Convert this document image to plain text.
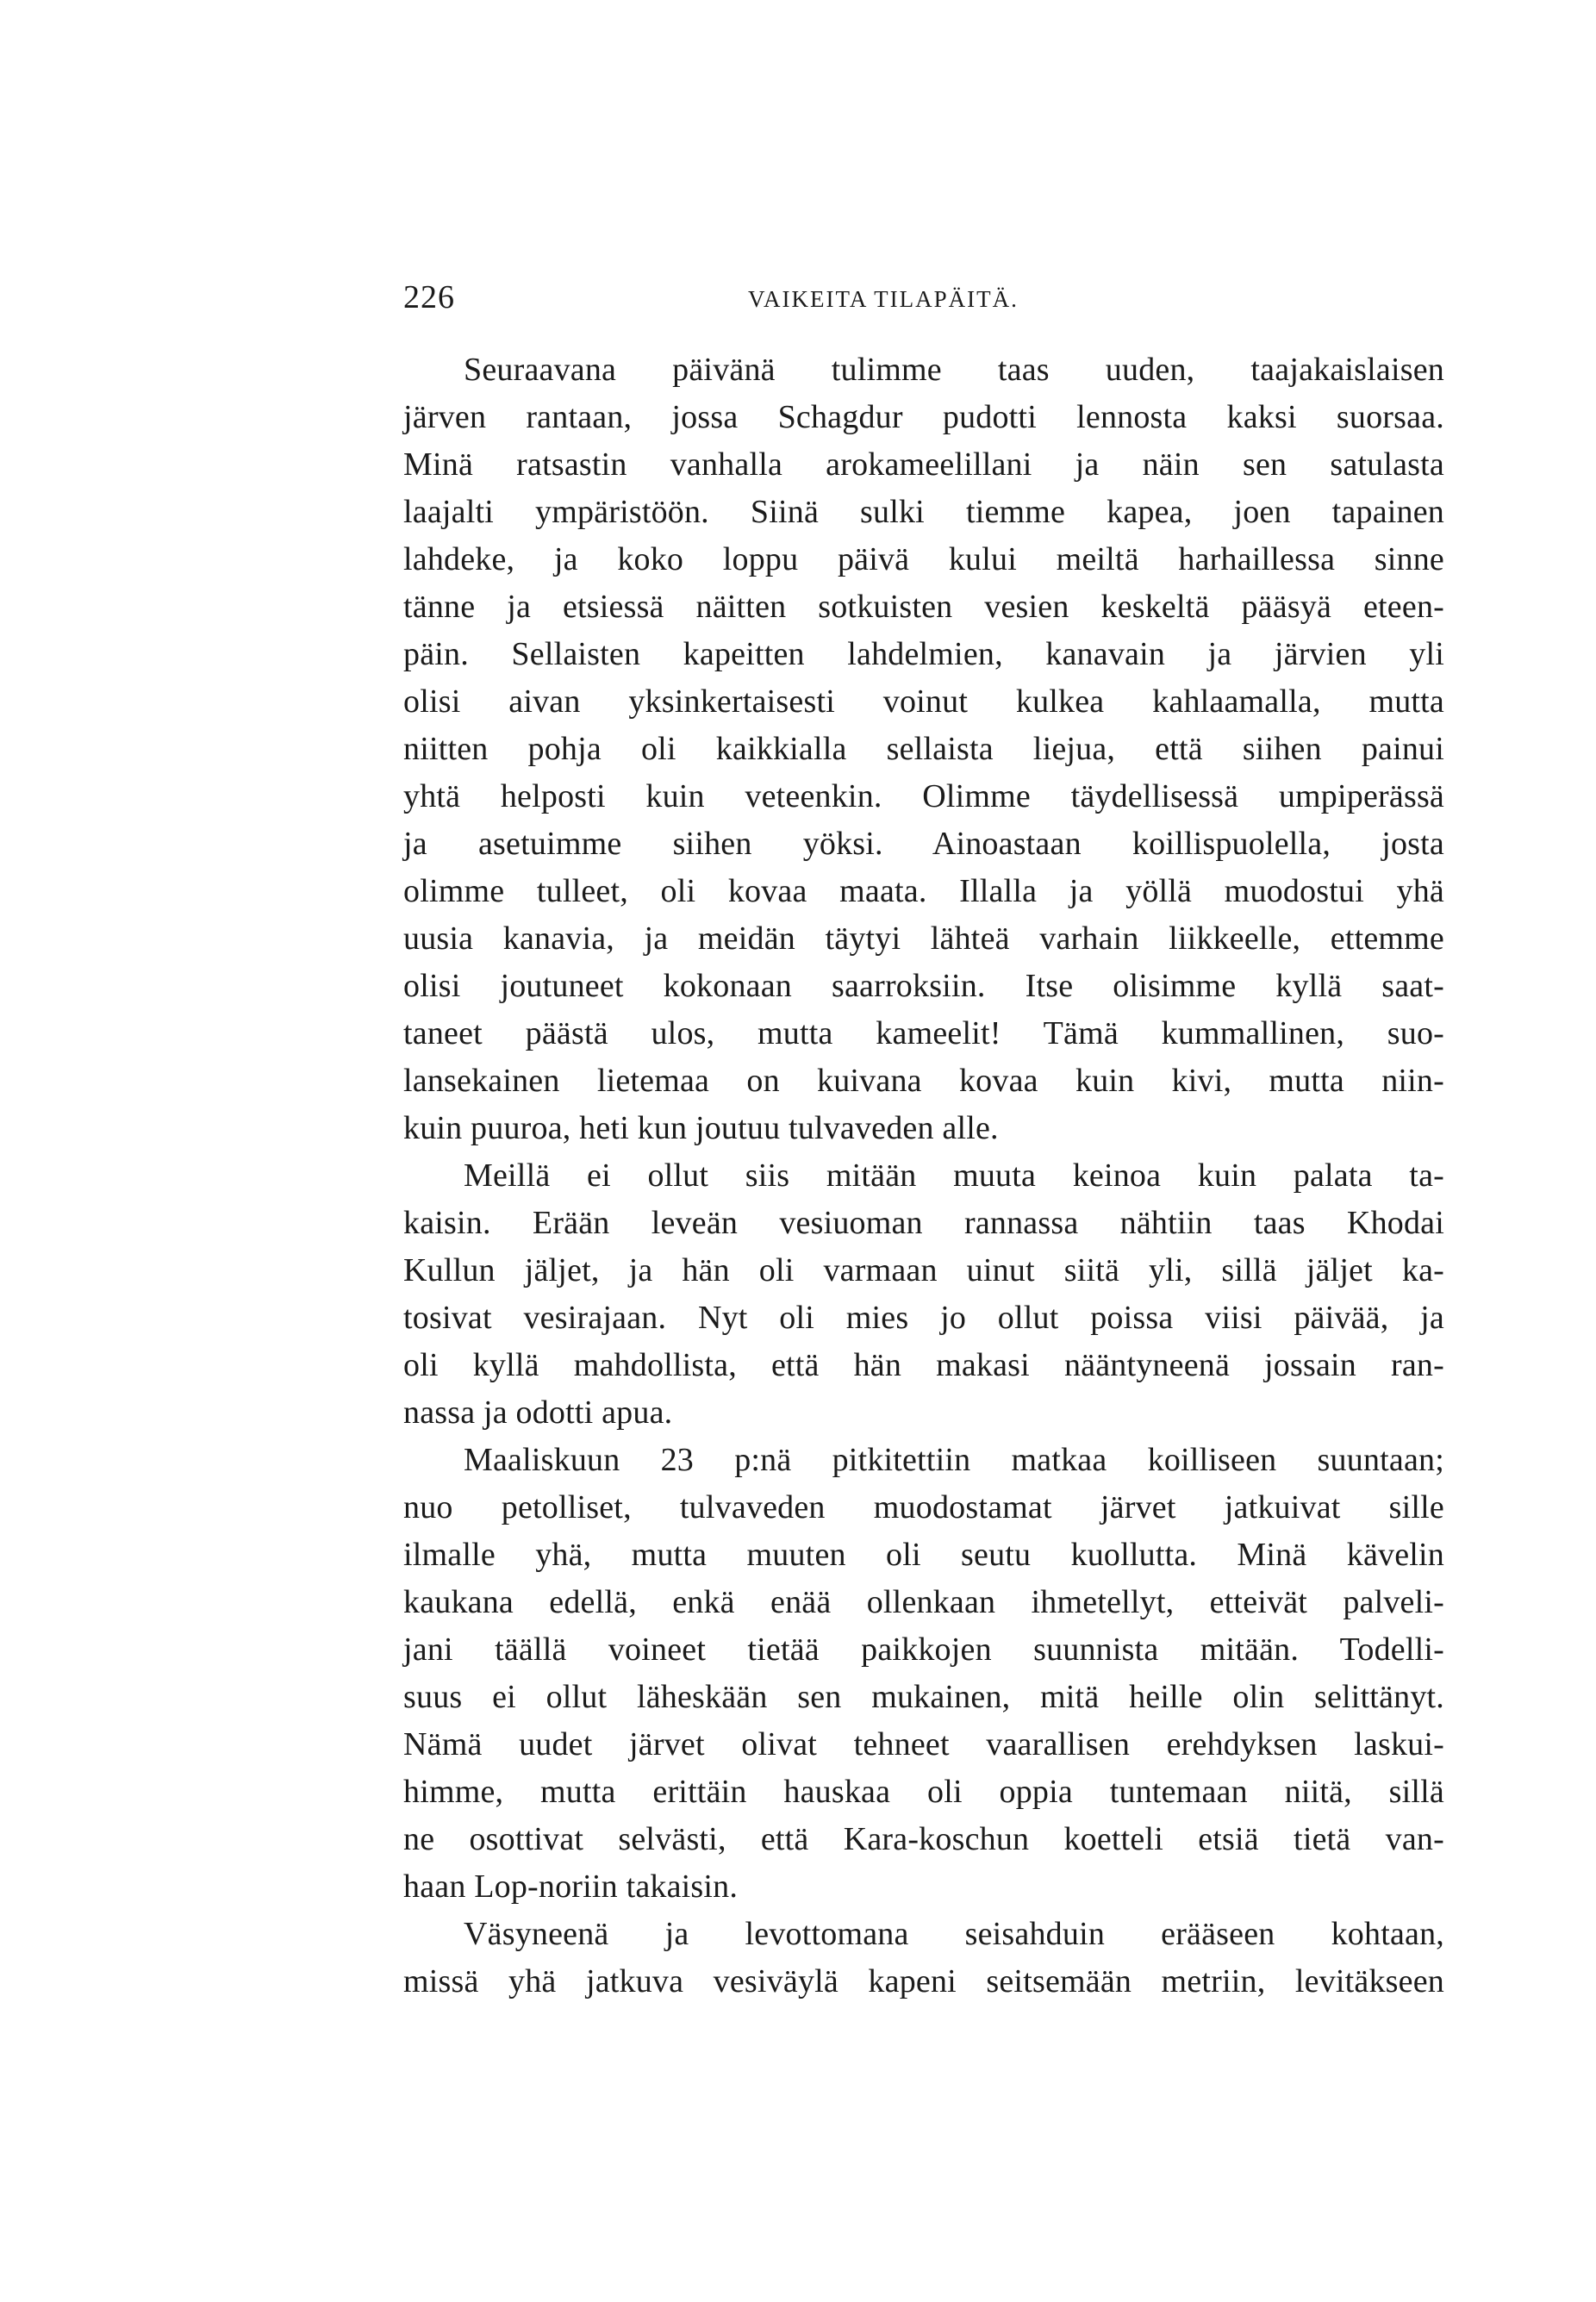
226	VAIKEITA TILAPÄITÄ.
Seuraavana päivänä tulimme taas uuden, taajakaislaisen
järven rantaan, jossa Schagdur pudotti lennosta kaksi suorsaa.
Minä ratsastin vanhalla arokameelillani ja näin sen satulasta
laajalti ympäristöön. Siinä sulki tiemme kapea, joen tapainen
lahdeke, ja koko loppu päivä kului meiltä harhaillessa sinne
tänne ja etsiessä näitten sotkuisten vesien keskeltä pääsyä eteen-
päin. Sellaisten kapeitten lahdelmien, kanavain ja järvien yli
olisi aivan yksinkertaisesti voinut kulkea kahlaamalla, mutta
niitten pohja oli kaikkialla sellaista liejua, että siihen painui
yhtä helposti kuin veteenkin. Olimme täydellisessä umpiperässä
ja asetuimme siihen yöksi. Ainoastaan koillispuolella, josta
olimme tulleet, oli kovaa maata. Illalla ja yöllä muodostui yhä
uusia kanavia, ja meidän täytyi lähteä varhain liikkeelle, ettemme
olisi joutuneet kokonaan saarroksiin. Itse olisimme kyllä saat-
taneet päästä ulos, mutta kameelit! Tämä kummallinen, suo-
lansekainen lietemaa on kuivana kovaa kuin kivi, mutta niin-
kuin puuroa, heti kun joutuu tulvaveden alle.
Meillä ei ollut siis mitään muuta keinoa kuin palata ta-
kaisin. Erään leveän vesiuoman rannassa nähtiin taas Khodai
Kullun jäljet, ja hän oli varmaan uinut siitä yli, sillä jäljet ka-
tosivat vesirajaan. Nyt oli mies jo ollut poissa viisi päivää, ja
oli kyllä mahdollista, että hän makasi nääntyneenä jossain ran-
nassa ja odotti apua.
Maaliskuun 23 p:nä pitkitettiin matkaa koilliseen suuntaan;
nuo petolliset, tulvaveden muodostamat järvet jatkuivat sille
ilmalle yhä, mutta muuten oli seutu kuollutta. Minä kävelin
kaukana edellä, enkä enää ollenkaan ihmetellyt, etteivät palveli-
jani täällä voineet tietää paikkojen suunnista mitään. Todelli-
suus ei ollut läheskään sen mukainen, mitä heille olin selittänyt.
Nämä uudet järvet olivat tehneet vaarallisen erehdyksen laskui-
himme, mutta erittäin hauskaa oli oppia tuntemaan niitä, sillä
ne osottivat selvästi, että Kara-koschun koetteli etsiä tietä van-
haan Lop-noriin takaisin.
Väsyneenä ja levottomana seisahduin erääseen kohtaan,
missä yhä jatkuva vesiväylä kapeni seitsemään metriin, levitäkseen
